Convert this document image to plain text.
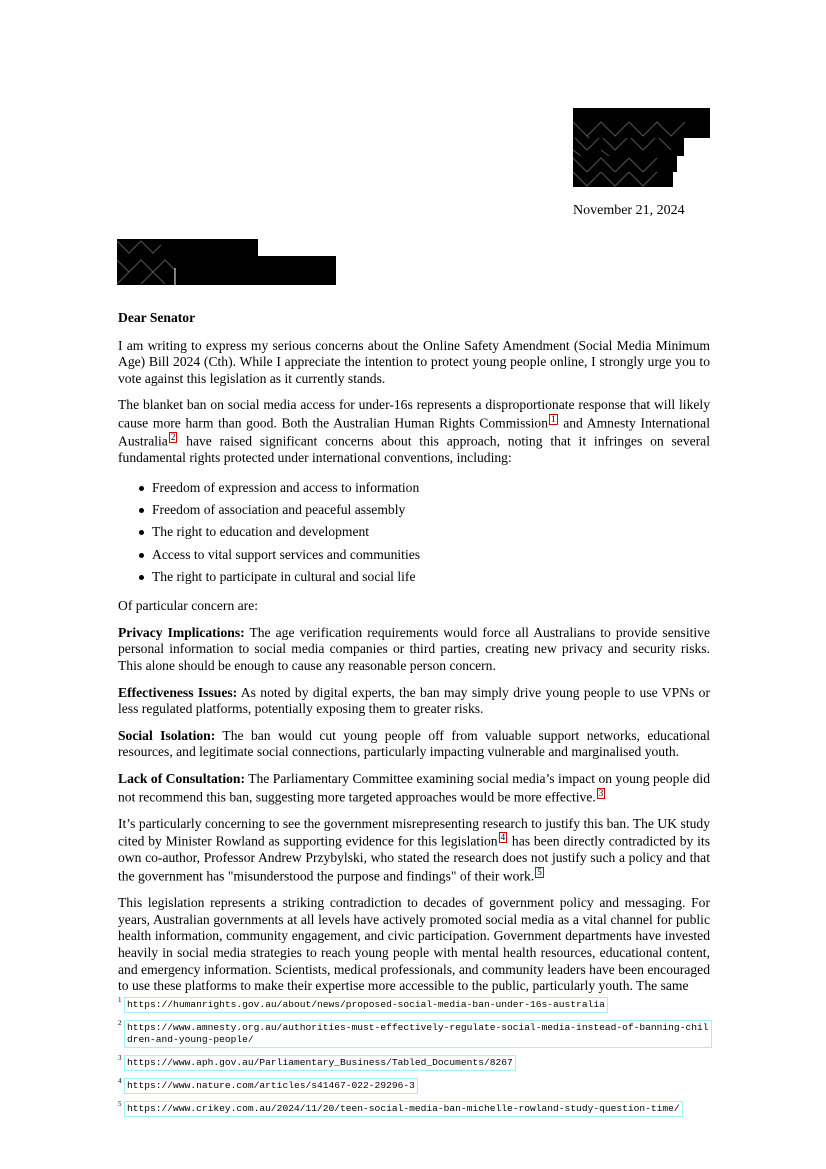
November 21, 2024
Dear Senator

I am writing to express my serious concerns about the Online Safety Amendment (Social Media Minimum Age) Bill 2024 (Cth). While I appreciate the intention to protect young people online, I strongly urge you to vote against this legislation as it currently stands.

The blanket ban on social media access for under-16s represents a disproportionate response that will likely cause more harm than good. Both the Australian Human Rights Commission 1 and Amnesty International Australia 2 have raised significant concerns about this approach, noting that it infringes on several fundamental rights protected under international conventions, including:

Freedom of expression and access to information
Freedom of association and peaceful assembly
The right to education and development
Access to vital support services and communities
The right to participate in cultural and social life

Of particular concern are:

Privacy Implications: The age verification requirements would force all Australians to provide sensitive personal information to social media companies or third parties, creating new privacy and security risks. This alone should be enough to cause any reasonable person concern.

Effectiveness Issues: As noted by digital experts, the ban may simply drive young people to use VPNs or less regulated platforms, potentially exposing them to greater risks.

Social Isolation: The ban would cut young people off from valuable support networks, educational resources, and legitimate social connections, particularly impacting vulnerable and marginalised youth.

Lack of Consultation: The Parliamentary Committee examining social media’s impact on young people did not recommend this ban, suggesting more targeted approaches would be more effective. 3

It’s particularly concerning to see the government misrepresenting research to justify this ban. The UK study cited by Minister Rowland as supporting evidence for this legislation 4 has been directly contradicted by its own co-author, Professor Andrew Przybylski, who stated the research does not justify such a policy and that the government has "misunderstood the purpose and findings" of their work. 5

This legislation represents a striking contradiction to decades of government policy and messaging. For years, Australian governments at all levels have actively promoted social media as a vital channel for public health information, community engagement, and civic participation. Government departments have invested heavily in social media strategies to reach young people with mental health resources, educational content, and emergency information. Scientists, medical professionals, and community leaders have been encouraged to use these platforms to make their expertise more accessible to the public, particularly youth. The same

1 https://humanrights.gov.au/about/news/proposed-social-media-ban-under-16s-australia
2 https://www.amnesty.org.au/authorities-must-effectively-regulate-social-media-instead-of-banning-children-and-young-people/
3 https://www.aph.gov.au/Parliamentary_Business/Tabled_Documents/8267
4 https://www.nature.com/articles/s41467-022-29296-3
5 https://www.crikey.com.au/2024/11/20/teen-social-media-ban-michelle-rowland-study-question-time/
